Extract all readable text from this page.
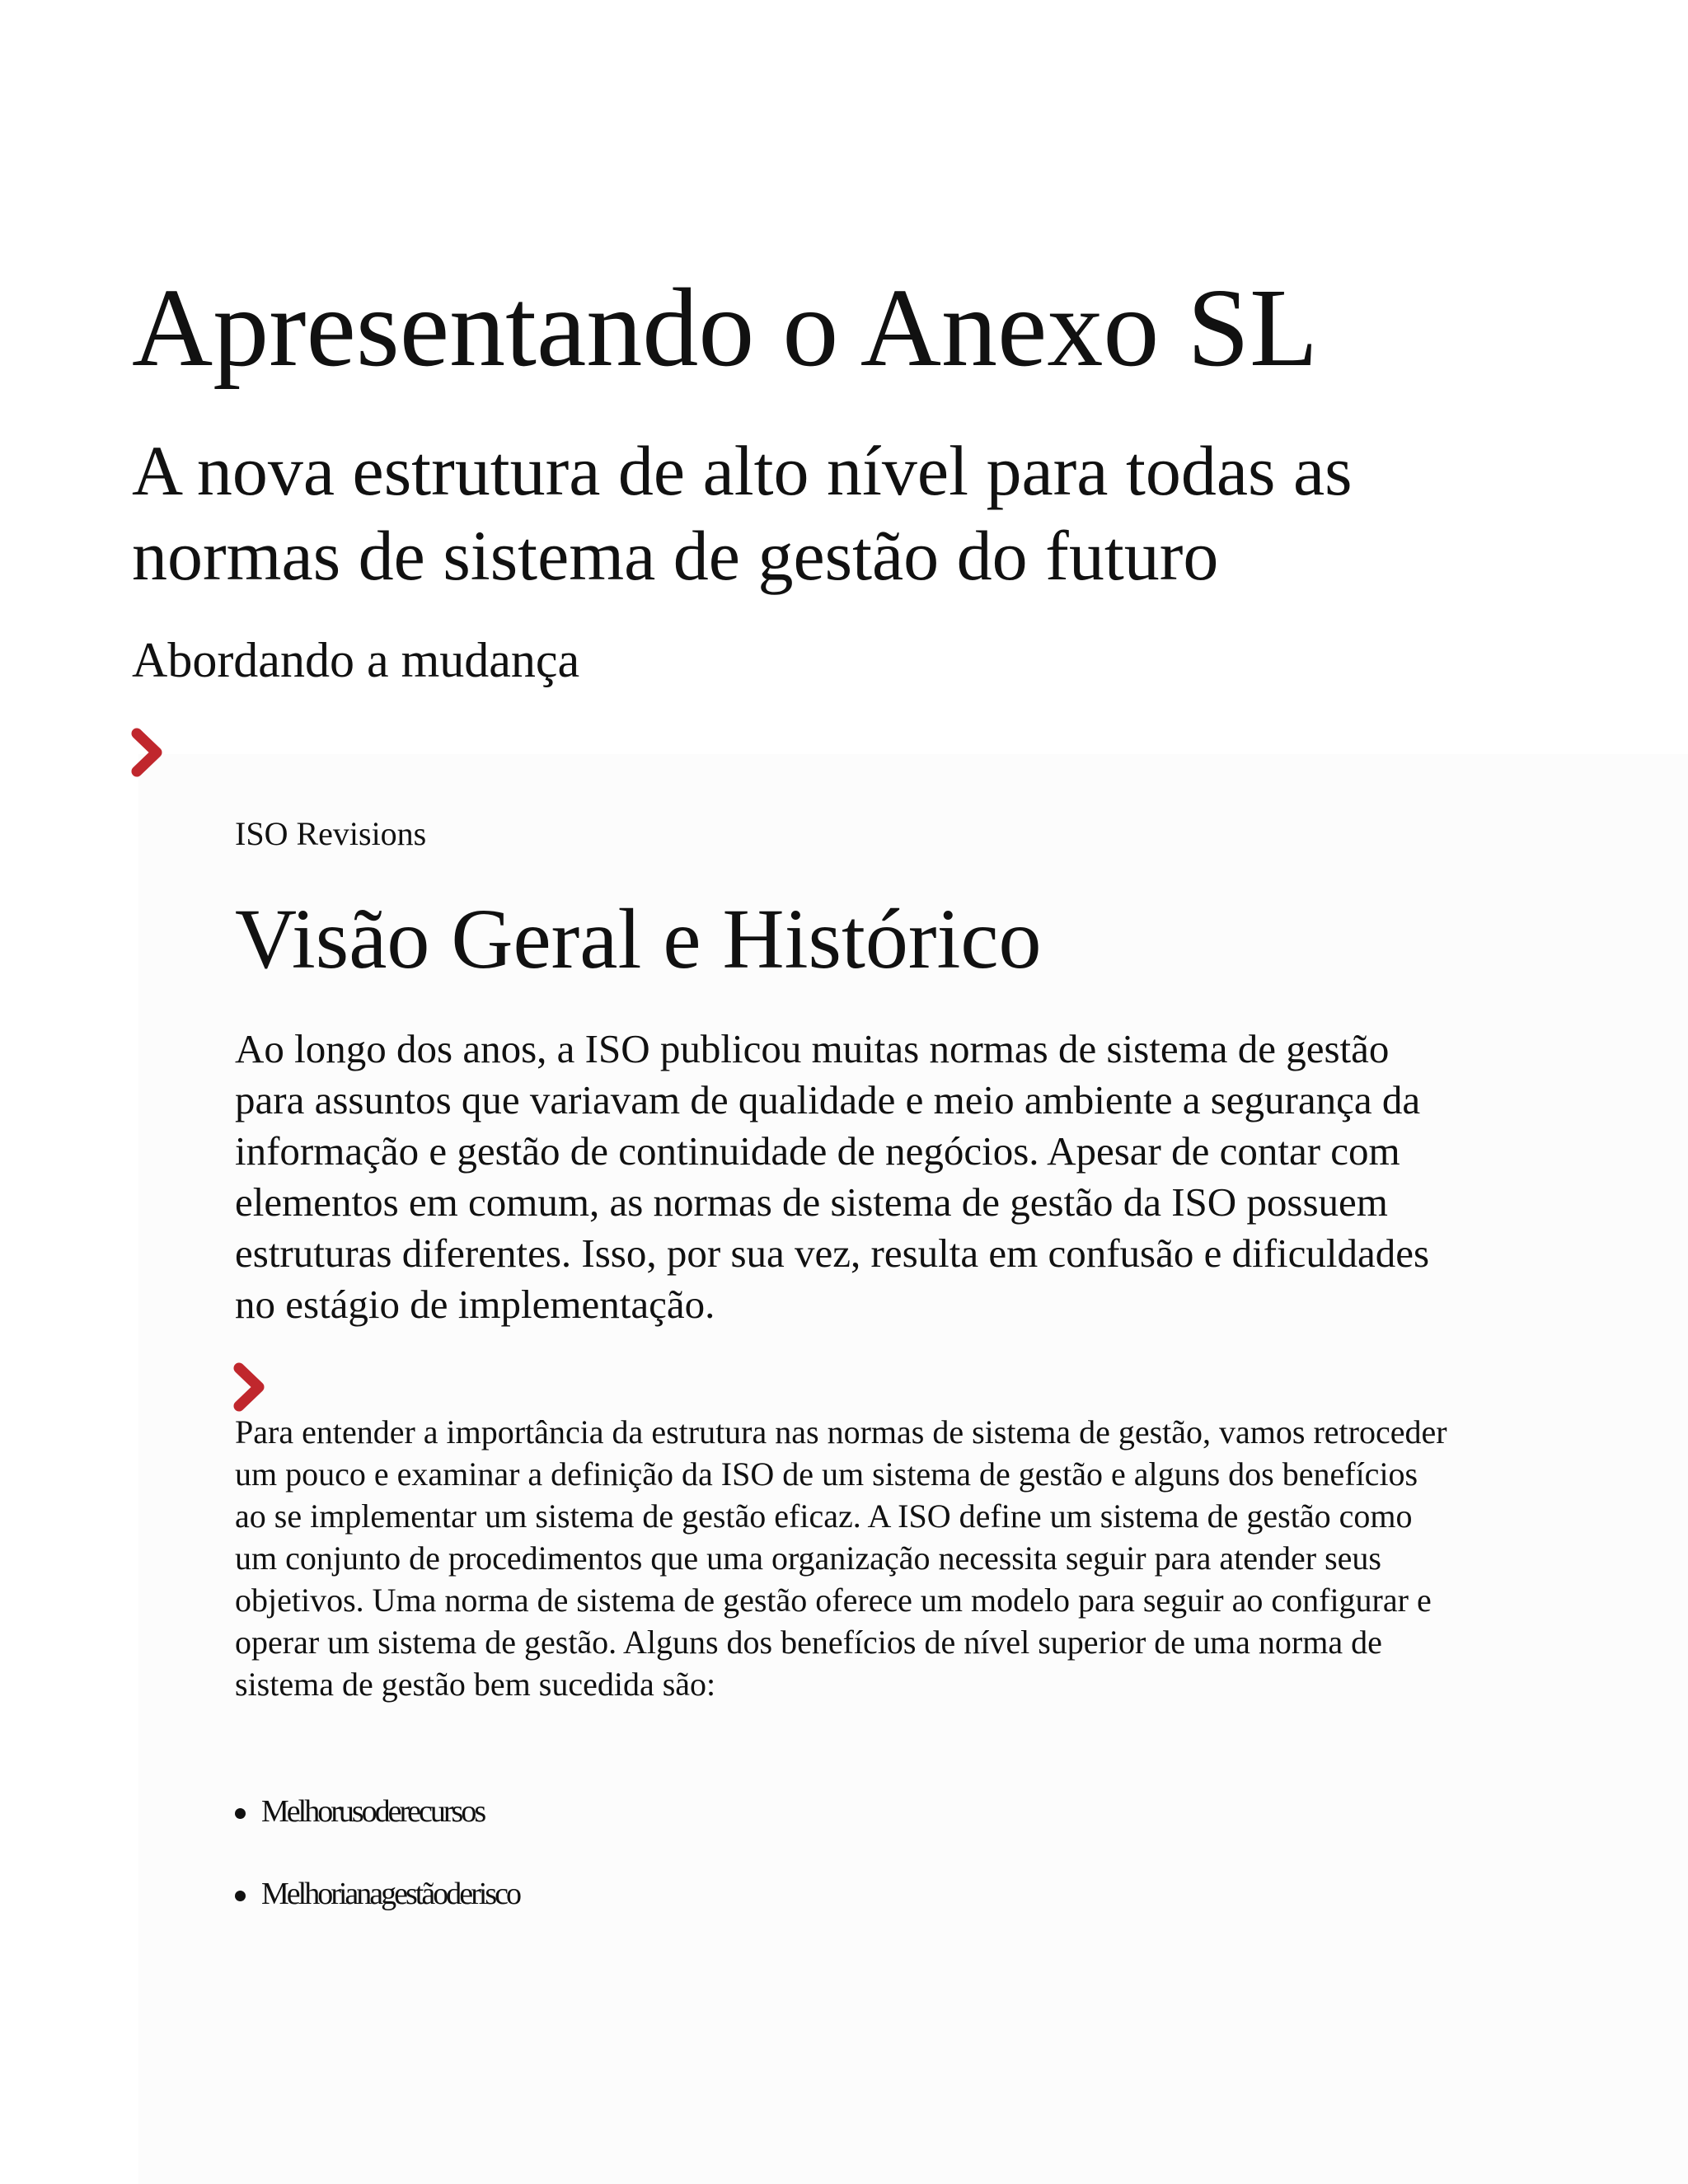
Apresentando o Anexo SL
A nova estrutura de alto nível para todas as normas de sistema de gestão do futuro
Abordando a mudança

ISO Revisions

Visão Geral e Histórico

Ao longo dos anos, a ISO publicou muitas normas de sistema de gestão para assuntos que variavam de qualidade e meio ambiente a segurança da informação e gestão de continuidade de negócios. Apesar de contar com elementos em comum, as normas de sistema de gestão da ISO possuem estruturas diferentes. Isso, por sua vez, resulta em confusão e dificuldades no estágio de implementação.

Para entender a importância da estrutura nas normas de sistema de gestão, vamos retroceder um pouco e examinar a definição da ISO de um sistema de gestão e alguns dos benefícios ao se implementar um sistema de gestão eficaz. A ISO define um sistema de gestão como um conjunto de procedimentos que uma organização necessita seguir para atender seus objetivos. Uma norma de sistema de gestão oferece um modelo para seguir ao configurar e operar um sistema de gestão. Alguns dos benefícios de nível superior de uma norma de sistema de gestão bem sucedida são:

Melhorusoderecursos
Melhorianagestãoderisco
